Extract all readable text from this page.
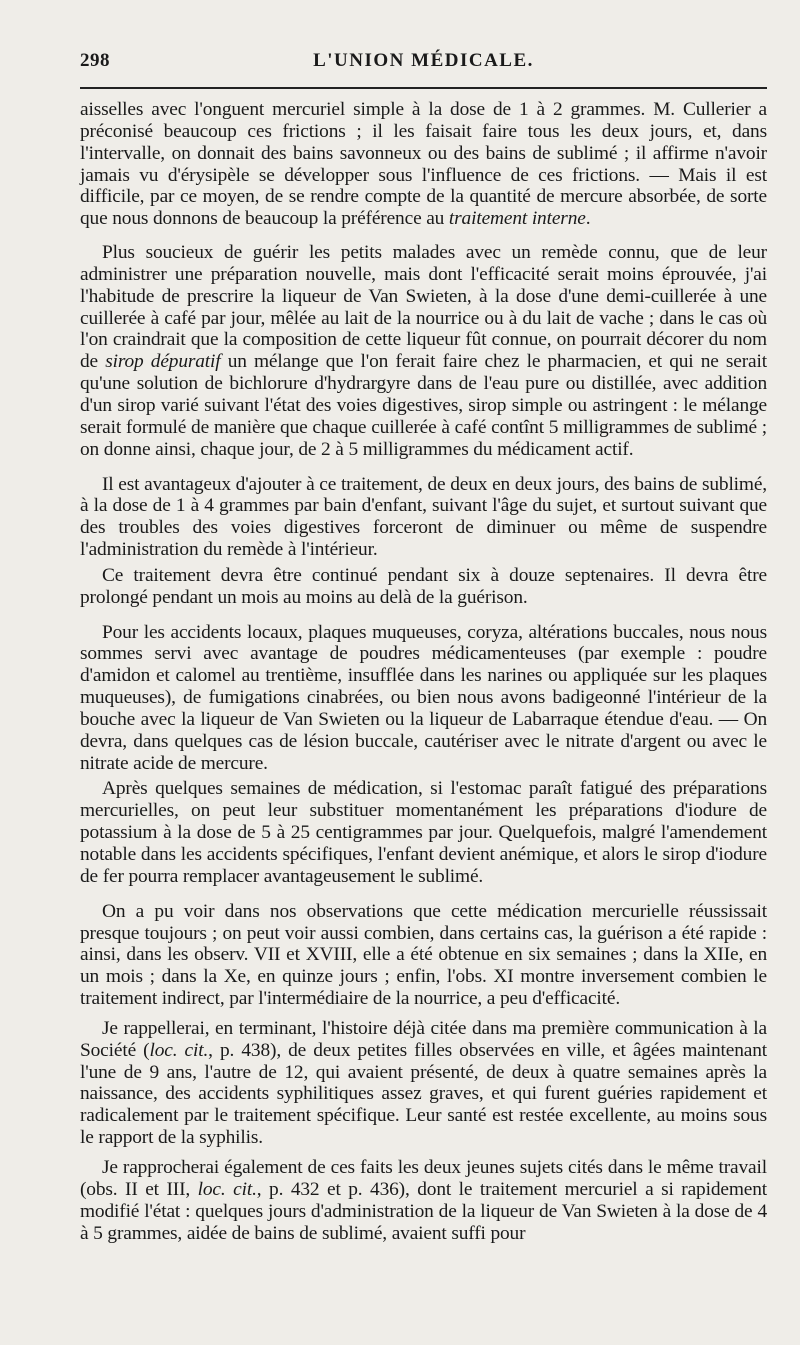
298	L'UNION MÉDICALE.

aisselles avec l'onguent mercuriel simple à la dose de 1 à 2 grammes. M. Cullerier a préconisé beaucoup ces frictions ; il les faisait faire tous les deux jours, et, dans l'intervalle, on donnait des bains savonneux ou des bains de sublimé ; il affirme n'avoir jamais vu d'érysipèle se développer sous l'influence de ces frictions. — Mais il est difficile, par ce moyen, de se rendre compte de la quantité de mercure absorbée, de sorte que nous donnons de beaucoup la préférence au traitement interne.

Plus soucieux de guérir les petits malades avec un remède connu, que de leur administrer une préparation nouvelle, mais dont l'efficacité serait moins éprouvée, j'ai l'habitude de prescrire la liqueur de Van Swieten, à la dose d'une demi-cuillerée à une cuillerée à café par jour, mêlée au lait de la nourrice ou à du lait de vache ; dans le cas où l'on craindrait que la composition de cette liqueur fût connue, on pourrait décorer du nom de sirop dépuratif un mélange que l'on ferait faire chez le pharmacien, et qui ne serait qu'une solution de bichlorure d'hydrargyre dans de l'eau pure ou distillée, avec addition d'un sirop varié suivant l'état des voies digestives, sirop simple ou astringent : le mélange serait formulé de manière que chaque cuillerée à café contînt 5 milligrammes de sublimé ; on donne ainsi, chaque jour, de 2 à 5 milligrammes du médicament actif.

Il est avantageux d'ajouter à ce traitement, de deux en deux jours, des bains de sublimé, à la dose de 1 à 4 grammes par bain d'enfant, suivant l'âge du sujet, et surtout suivant que des troubles des voies digestives forceront de diminuer ou même de suspendre l'administration du remède à l'intérieur.

Ce traitement devra être continué pendant six à douze septenaires. Il devra être prolongé pendant un mois au moins au delà de la guérison.

Pour les accidents locaux, plaques muqueuses, coryza, altérations buccales, nous nous sommes servi avec avantage de poudres médicamenteuses (par exemple : poudre d'amidon et calomel au trentième, insufflée dans les narines ou appliquée sur les plaques muqueuses), de fumigations cinabrées, ou bien nous avons badigeonné l'intérieur de la bouche avec la liqueur de Van Swieten ou la liqueur de Labarraque étendue d'eau. — On devra, dans quelques cas de lésion buccale, cautériser avec le nitrate d'argent ou avec le nitrate acide de mercure.

Après quelques semaines de médication, si l'estomac paraît fatigué des préparations mercurielles, on peut leur substituer momentanément les préparations d'iodure de potassium à la dose de 5 à 25 centigrammes par jour. Quelquefois, malgré l'amendement notable dans les accidents spécifiques, l'enfant devient anémique, et alors le sirop d'iodure de fer pourra remplacer avantageusement le sublimé.

On a pu voir dans nos observations que cette médication mercurielle réussissait presque toujours ; on peut voir aussi combien, dans certains cas, la guérison a été rapide : ainsi, dans les observ. VII et XVIII, elle a été obtenue en six semaines ; dans la XIIe, en un mois ; dans la Xe, en quinze jours ; enfin, l'obs. XI montre inversement combien le traitement indirect, par l'intermédiaire de la nourrice, a peu d'efficacité.

Je rappellerai, en terminant, l'histoire déjà citée dans ma première communication à la Société (loc. cit., p. 438), de deux petites filles observées en ville, et âgées maintenant l'une de 9 ans, l'autre de 12, qui avaient présenté, de deux à quatre semaines après la naissance, des accidents syphilitiques assez graves, et qui furent guéries rapidement et radicalement par le traitement spécifique. Leur santé est restée excellente, au moins sous le rapport de la syphilis.

Je rapprocherai également de ces faits les deux jeunes sujets cités dans le même travail (obs. II et III, loc. cit., p. 432 et p. 436), dont le traitement mercuriel a si rapidement modifié l'état : quelques jours d'administration de la liqueur de Van Swieten à la dose de 4 à 5 grammes, aidée de bains de sublimé, avaient suffi pour
